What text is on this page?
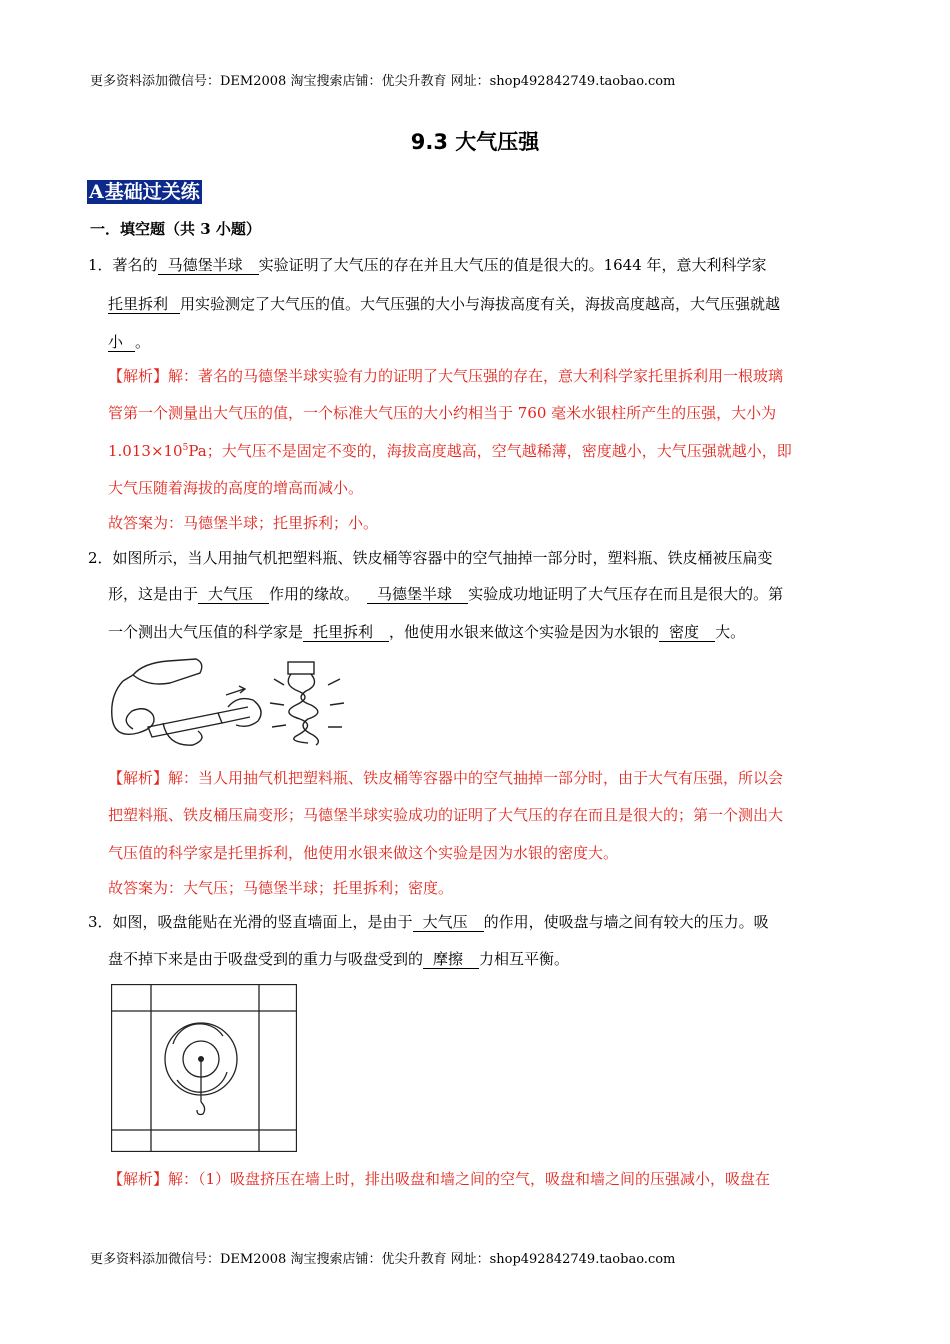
更多资料添加微信号：DEM2008 淘宝搜索店铺：优尖升教育 网址：shop492842749.taobao.com
9.3 大气压强
A基础过关练
一．填空题（共 3 小题）
1．著名的 马德堡半球 实验证明了大气压的存在并且大气压的值是很大的。1644 年，意大利科学家
托里拆利 用实验测定了大气压的值。大气压强的大小与海拔高度有关，海拔高度越高，大气压强就越
小 。
【解析】解：著名的马德堡半球实验有力的证明了大气压强的存在，意大利科学家托里拆利用一根玻璃
管第一个测量出大气压的值，一个标准大气压的大小约相当于 760 毫米水银柱所产生的压强，大小为
$1.013\times 10^5Pa$；大气压不是固定不变的，海拔高度越高，空气越稀薄，密度越小，大气压强就越小，即
大气压随着海拔的高度的增高而减小。
故答案为：马德堡半球；托里拆利；小。
2．如图所示，当人用抽气机把塑料瓶、铁皮桶等容器中的空气抽掉一部分时，塑料瓶、铁皮桶被压扁变
形，这是由于 大气压 作用的缘故。 马德堡半球 实验成功地证明了大气压存在而且是很大的。第
一个测出大气压值的科学家是 托里拆利 ，他使用水银来做这个实验是因为水银的 密度 大。
【解析】解：当人用抽气机把塑料瓶、铁皮桶等容器中的空气抽掉一部分时，由于大气有压强，所以会
把塑料瓶、铁皮桶压扁变形；马德堡半球实验成功的证明了大气压的存在而且是很大的；第一个测出大
气压值的科学家是托里拆利，他使用水银来做这个实验是因为水银的密度大。
故答案为：大气压；马德堡半球；托里拆利；密度。
3．如图，吸盘能贴在光滑的竖直墙面上，是由于 大气压 的作用，使吸盘与墙之间有较大的压力。吸
盘不掉下来是由于吸盘受到的重力与吸盘受到的 摩擦 力相互平衡。
【解析】解：（1）吸盘挤压在墙上时，排出吸盘和墙之间的空气，吸盘和墙之间的压强减小，吸盘在
更多资料添加微信号：DEM2008 淘宝搜索店铺：优尖升教育 网址：shop492842749.taobao.com
